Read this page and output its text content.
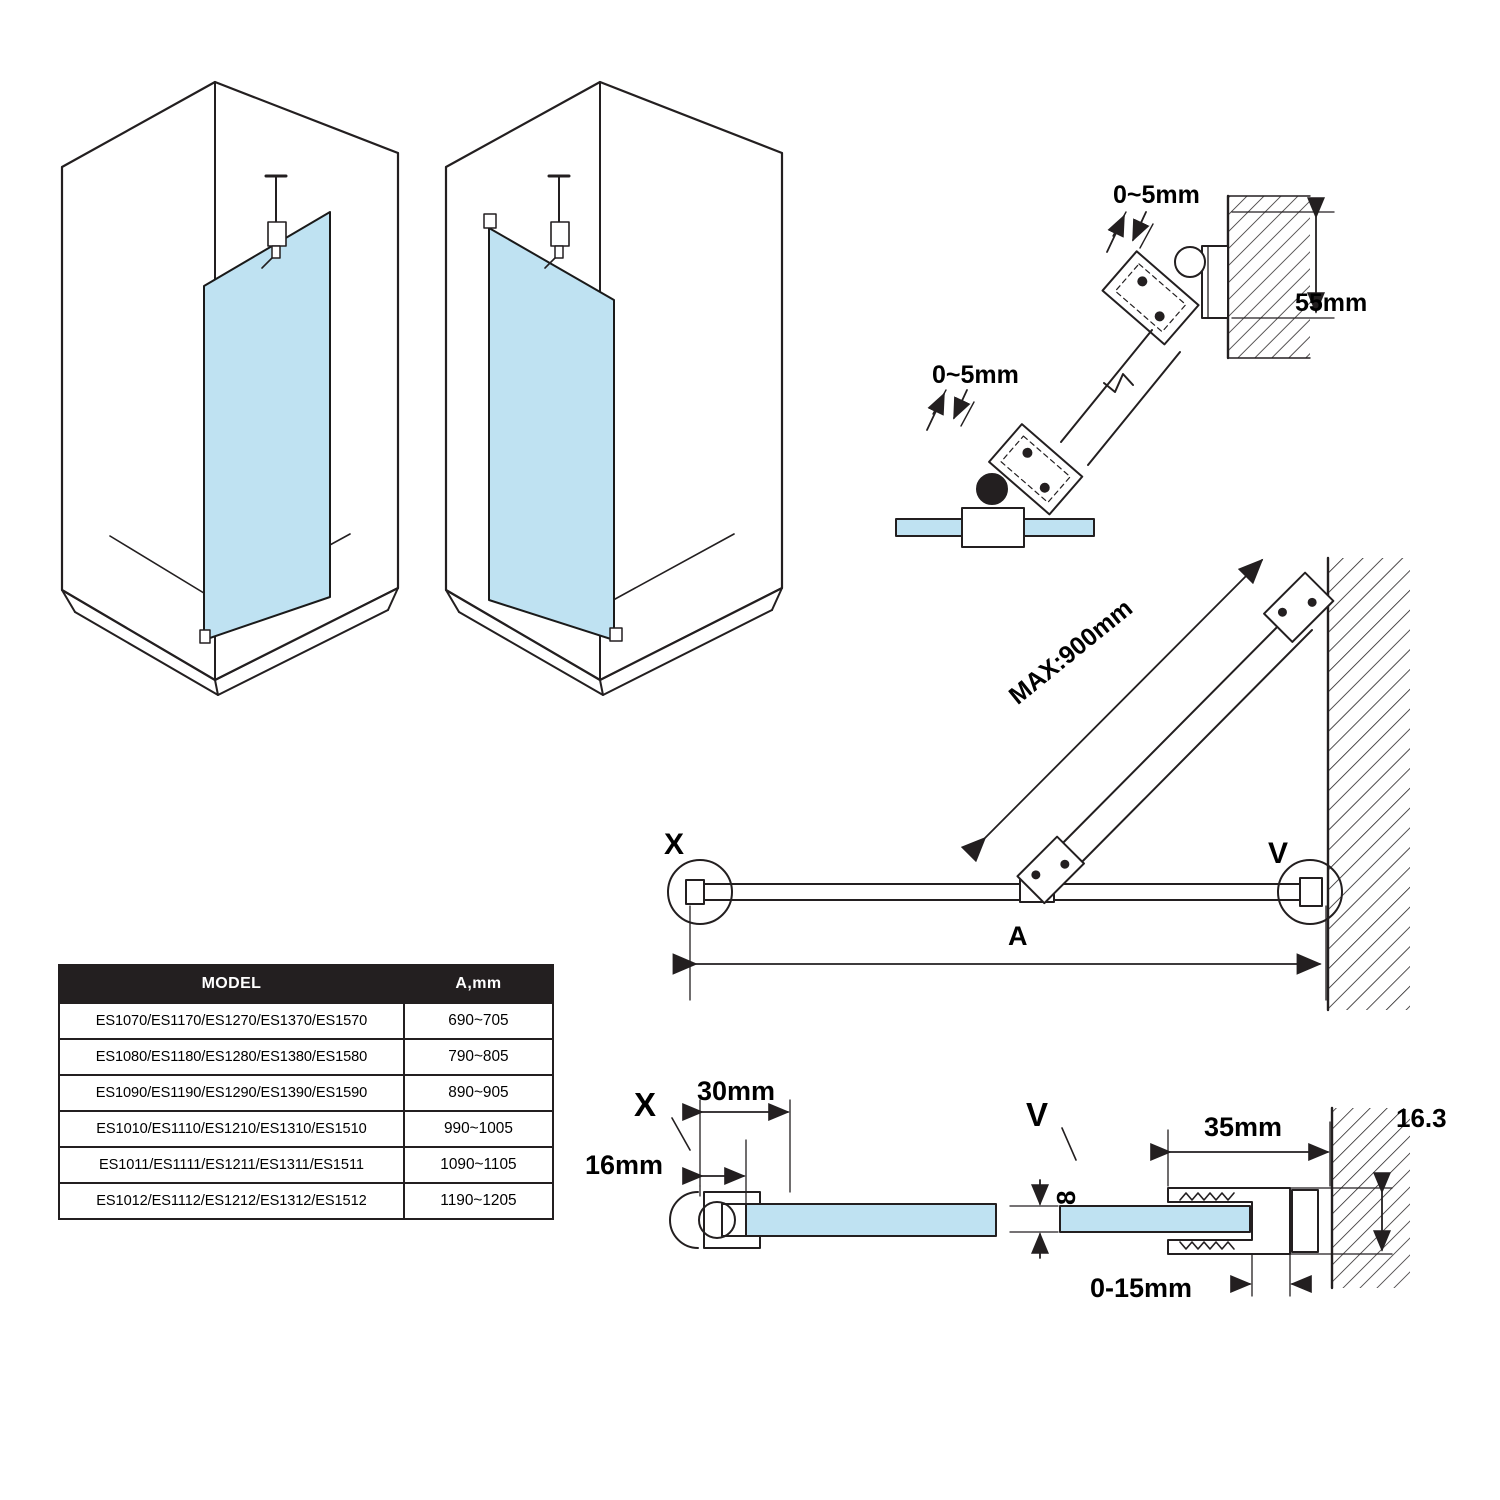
0~5mm
55mm
0~5mm
MAX:900mm
X	V
A
X 30mm
16mm
V	35mm	16.3
8
0-15mm
MODEL	A,mm
ES1070/ES1170/ES1270/ES1370/ES1570	690~705
ES1080/ES1180/ES1280/ES1380/ES1580	790~805
ES1090/ES1190/ES1290/ES1390/ES1590	890~905
ES1010/ES1110/ES1210/ES1310/ES1510	990~1005
ES1011/ES1111/ES1211/ES1311/ES1511	1090~1105
ES1012/ES1112/ES1212/ES1312/ES1512	1190~1205
